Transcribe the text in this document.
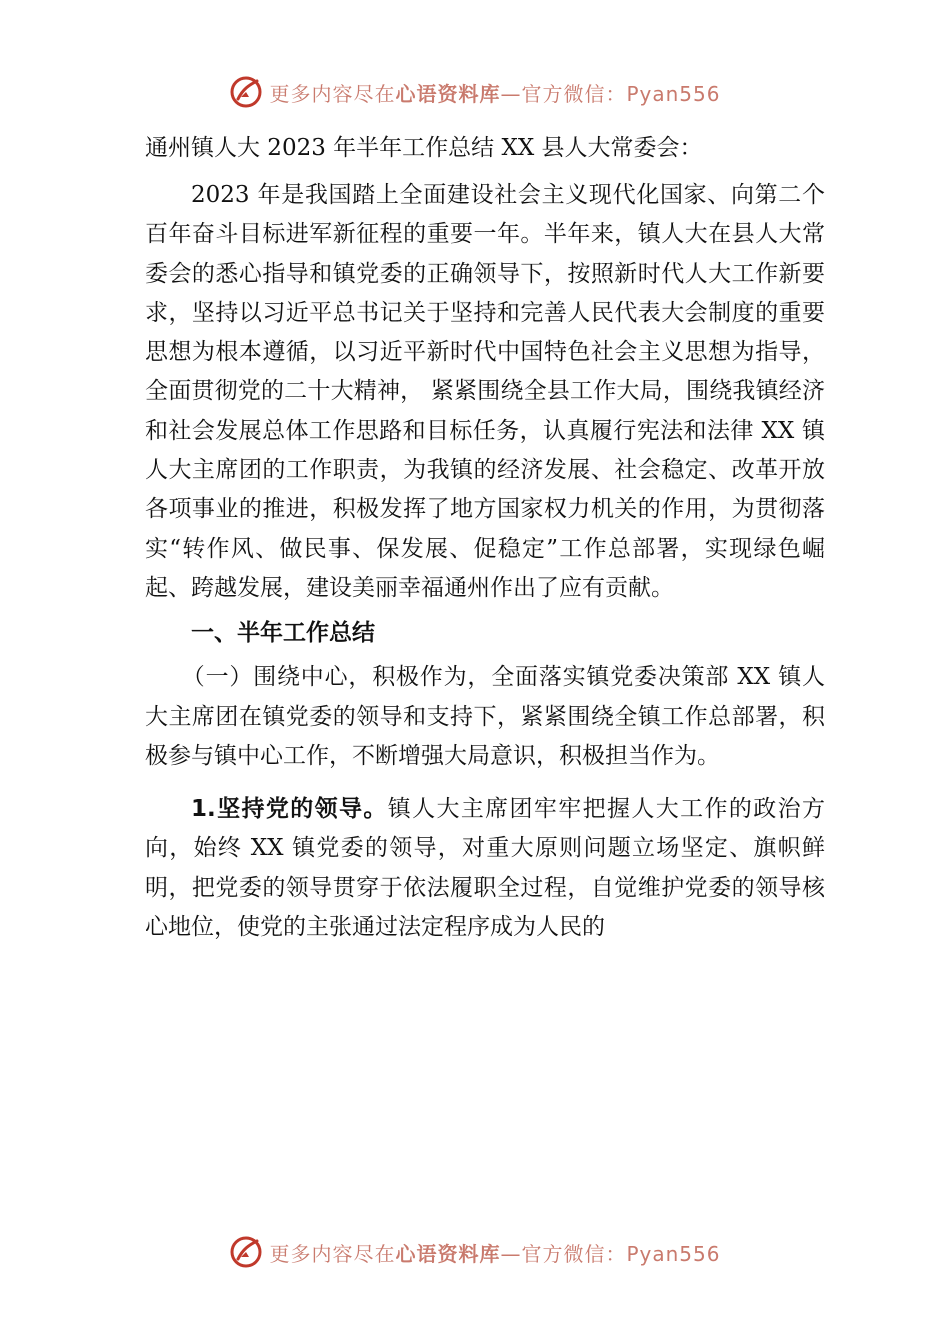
更多内容尽在心语资料库—官方微信：Pyan556

通州镇人大 2023 年半年工作总结 XX 县人大常委会：

2023 年是我国踏上全面建设社会主义现代化国家、向第二个百年奋斗目标进军新征程的重要一年。半年来，镇人大在县人大常委会的悉心指导和镇党委的正确领导下，按照新时代人大工作新要求，坚持以习近平总书记关于坚持和完善人民代表大会制度的重要思想为根本遵循，以习近平新时代中国特色社会主义思想为指导，全面贯彻党的二十大精神， 紧紧围绕全县工作大局，围绕我镇经济和社会发展总体工作思路和目标任务，认真履行宪法和法律 XX 镇人大主席团的工作职责，为我镇的经济发展、社会稳定、改革开放各项事业的推进，积极发挥了地方国家权力机关的作用，为贯彻落实“转作风、做民事、保发展、促稳定”工作总部署，实现绿色崛起、跨越发展，建设美丽幸福通州作出了应有贡献。

一、半年工作总结

（一）围绕中心，积极作为，全面落实镇党委决策部 XX 镇人大主席团在镇党委的领导和支持下，紧紧围绕全镇工作总部署，积极参与镇中心工作，不断增强大局意识，积极担当作为。

1.坚持党的领导。镇人大主席团牢牢把握人大工作的政治方向，始终 XX 镇党委的领导，对重大原则问题立场坚定、旗帜鲜明，把党委的领导贯穿于依法履职全过程，自觉维护党委的领导核心地位，使党的主张通过法定程序成为人民的

更多内容尽在心语资料库—官方微信：Pyan556
